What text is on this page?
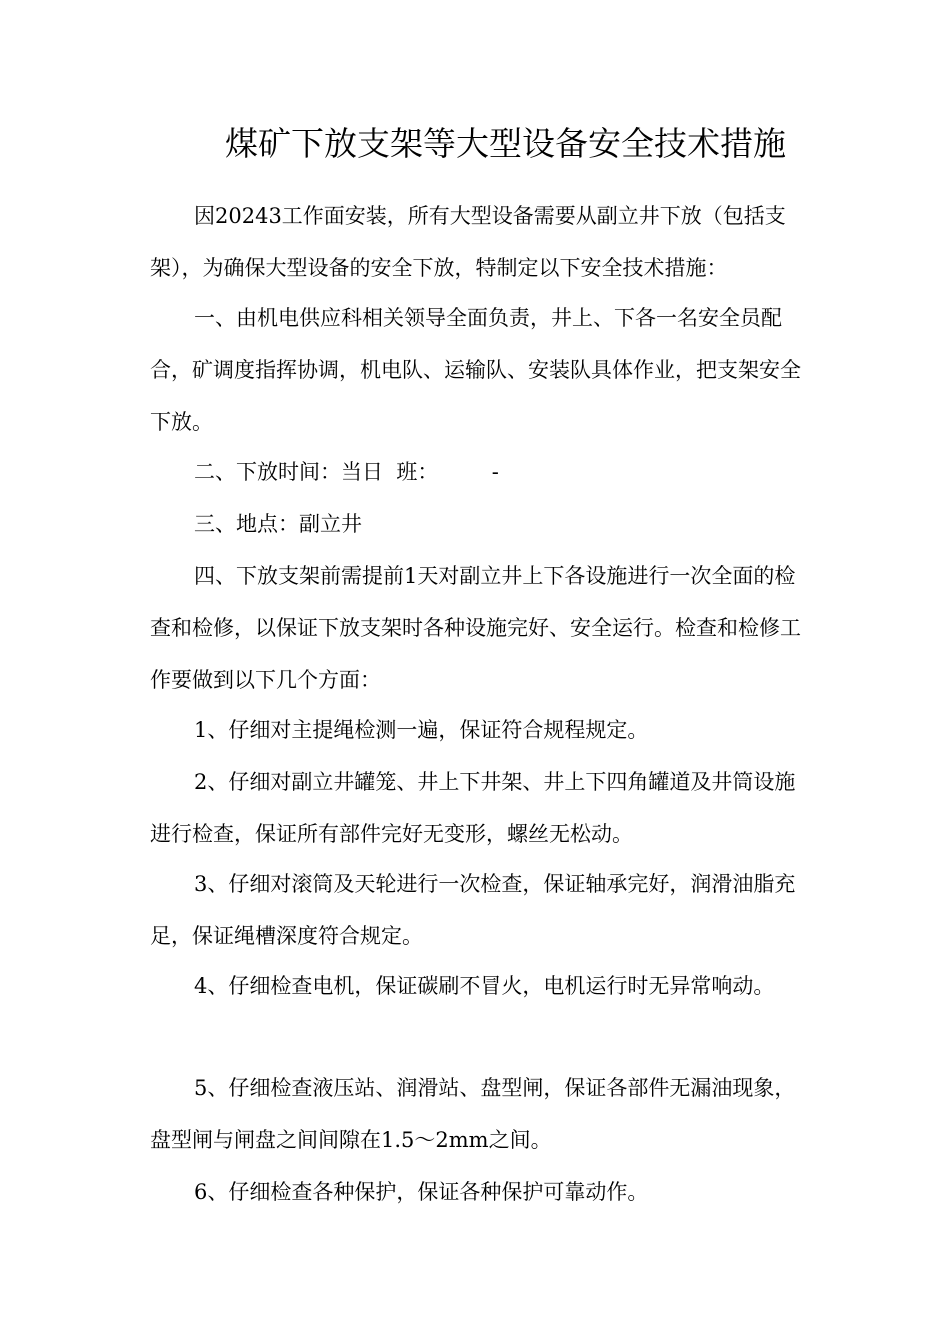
煤矿下放支架等大型设备安全技术措施

因20243工作面安装，所有大型设备需要从副立井下放（包括支架），为确保大型设备的安全下放，特制定以下安全技术措施：

一、由机电供应科相关领导全面负责，井上、下各一名安全员配合，矿调度指挥协调，机电队、运输队、安装队具体作业，把支架安全下放。

二、下放时间：当日  班：        -

三、地点：副立井

四、下放支架前需提前1天对副立井上下各设施进行一次全面的检查和检修，以保证下放支架时各种设施完好、安全运行。检查和检修工作要做到以下几个方面：

1、仔细对主提绳检测一遍，保证符合规程规定。

2、仔细对副立井罐笼、井上下井架、井上下四角罐道及井筒设施进行检查，保证所有部件完好无变形，螺丝无松动。

3、仔细对滚筒及天轮进行一次检查，保证轴承完好，润滑油脂充足，保证绳槽深度符合规定。

4、仔细检查电机，保证碳刷不冒火，电机运行时无异常响动。

5、仔细检查液压站、润滑站、盘型闸，保证各部件无漏油现象，盘型闸与闸盘之间间隙在1.5～2mm之间。

6、仔细检查各种保护，保证各种保护可靠动作。
